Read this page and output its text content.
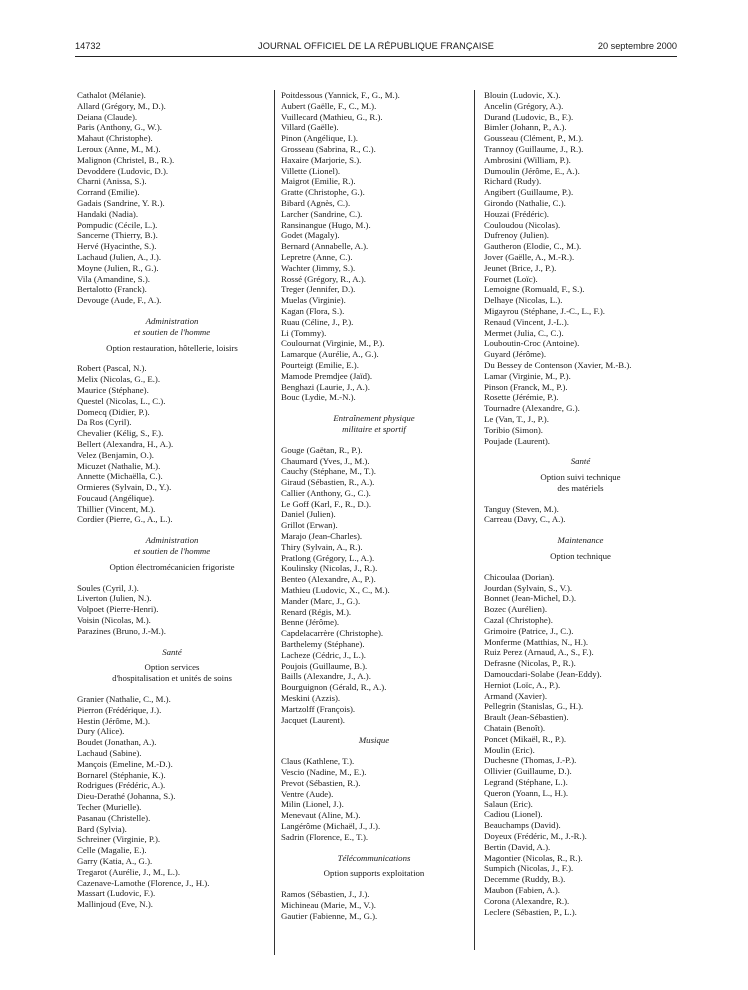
14732	JOURNAL OFFICIEL DE LA RÉPUBLIQUE FRANÇAISE	20 septembre 2000
Cathalot (Mélanie).
Allard (Grégory, M., D.).
Deiana (Claude).
Paris (Anthony, G., W.).
Mahaut (Christophe).
Leroux (Anne, M., M.).
Malignon (Christel, B., R.).
Devoddere (Ludovic, D.).
Charni (Anissa, S.).
Corrand (Emilie).
Gadais (Sandrine, Y. R.).
Handaki (Nadia).
Pompudic (Cécile, L.).
Sancerne (Thierry, B.).
Hervé (Hyacinthe, S.).
Lachaud (Julien, A., J.).
Moyne (Julien, R., G.).
Vila (Amandine, S.).
Bertalotto (Franck).
Devouge (Aude, F., A.).
Administration
et soutien de l'homme
Option restauration, hôtellerie, loisirs
Robert (Pascal, N.).
Melix (Nicolas, G., E.).
Maurice (Stéphane).
Questel (Nicolas, L., C.).
Domecq (Didier, P.).
Da Ros (Cyril).
Chevalier (Kélig, S., F.).
Bellert (Alexandra, H., A.).
Velez (Benjamin, O.).
Micuzet (Nathalie, M.).
Annette (Michaëlla, C.).
Ormieres (Sylvain, D., Y.).
Foucaud (Angélique).
Thillier (Vincent, M.).
Cordier (Pierre, G., A., L.).
Administration
et soutien de l'homme
Option électromécanicien frigoriste
Soules (Cyril, J.).
Liverton (Julien, N.).
Volpoet (Pierre-Henri).
Voisin (Nicolas, M.).
Parazines (Bruno, J.-M.).
Santé
Option services
d'hospitalisation et unités de soins
Granier (Nathalie, C., M.).
Pierron (Frédérique, J.).
Hestin (Jérôme, M.).
Dury (Alice).
Boudet (Jonathan, A.).
Lachaud (Sabine).
Mançois (Emeline, M.-D.).
Bornarel (Stéphanie, K.).
Rodrigues (Frédéric, A.).
Dieu-Derathé (Johanna, S.).
Techer (Murielle).
Pasanau (Christelle).
Bard (Sylvia).
Schreiner (Virginie, P.).
Celle (Magalie, E.).
Garry (Katia, A., G.).
Tregarot (Aurélie, J., M., L.).
Cazenave-Lamothe (Florence, J., H.).
Massart (Ludovic, F.).
Mallinjoud (Eve, N.).
Poitdessous (Yannick, F., G., M.).
Aubert (Gaëlle, F., C., M.).
Vuillecard (Mathieu, G., R.).
Villard (Gaëlle).
Pinon (Angélique, I.).
Grosseau (Sabrina, R., C.).
Haxaire (Marjorie, S.).
Villette (Lionel).
Maigrot (Emilie, R.).
Gratte (Christophe, G.).
Bibard (Agnès, C.).
Larcher (Sandrine, C.).
Ransinangue (Hugo, M.).
Godet (Magaly).
Bernard (Annabelle, A.).
Lepretre (Anne, C.).
Wachter (Jimmy, S.).
Rossé (Grégory, R., A.).
Treger (Jennifer, D.).
Muelas (Virginie).
Kagan (Flora, S.).
Ruau (Céline, J., P.).
Li (Tommy).
Coulournat (Virginie, M., P.).
Lamarque (Aurélie, A., G.).
Pourteigt (Emilie, E.).
Mamode Premdjee (Jaïd).
Benghazi (Laurie, J., A.).
Bouc (Lydie, M.-N.).
Entraînement physique
militaire et sportif
Gouge (Gaëtan, R., P.).
Chaumard (Yves, J., M.).
Cauchy (Stéphane, M., T.).
Giraud (Sébastien, R., A.).
Callier (Anthony, G., C.).
Le Goff (Karl, F., R., D.).
Daniel (Julien).
Grillot (Erwan).
Marajo (Jean-Charles).
Thiry (Sylvain, A., R.).
Pratlong (Grégory, L., A.).
Koulinsky (Nicolas, J., R.).
Benteo (Alexandre, A., P.).
Mathieu (Ludovic, X., C., M.).
Mander (Marc, J., G.).
Renard (Régis, M.).
Benne (Jérôme).
Capdelacarrère (Christophe).
Barthelemy (Stéphane).
Lacheze (Cédric, J., L.).
Poujois (Guillaume, B.).
Baills (Alexandre, J., A.).
Bourguignon (Gérald, R., A.).
Meskini (Azzis).
Martzolff (François).
Jacquet (Laurent).
Musique
Claus (Kathlene, T.).
Vescio (Nadine, M., E.).
Prevot (Sébastien, R.).
Ventre (Aude).
Milin (Lionel, J.).
Menevaut (Aline, M.).
Langérôme (Michaël, J., J.).
Sadrin (Florence, E., T.).
Télécommunications
Option supports exploitation
Ramos (Sébastien, J., J.).
Michineau (Marie, M., V.).
Gautier (Fabienne, M., G.).
Blouin (Ludovic, X.).
Ancelin (Grégory, A.).
Durand (Ludovic, B., F.).
Bimler (Johann, P., A.).
Gousseau (Clément, P., M.).
Trannoy (Guillaume, J., R.).
Ambrosini (William, P.).
Dumoulin (Jérôme, E., A.).
Richard (Rudy).
Angibert (Guillaume, P.).
Girondo (Nathalie, C.).
Houzai (Frédéric).
Couloudou (Nicolas).
Dufrenoy (Julien).
Gautheron (Elodie, C., M.).
Jover (Gaëlle, A., M.-R.).
Jeunet (Brice, J., P.).
Fournet (Loïc).
Lemoigne (Romuald, F., S.).
Delhaye (Nicolas, L.).
Migayrou (Stéphane, J.-C., L., F.).
Renaud (Vincent, J.-L.).
Mermet (Julia, C., C.).
Louboutin-Croc (Antoine).
Guyard (Jérôme).
Du Bessey de Contenson (Xavier, M.-B.).
Lamar (Virginie, M., P.).
Pinson (Franck, M., P.).
Rosette (Jérémie, P.).
Tournadre (Alexandre, G.).
Le (Van, T., J., P.).
Toribio (Simon).
Poujade (Laurent).
Santé
Option suivi technique
des matériels
Tanguy (Steven, M.).
Carreau (Davy, C., A.).
Maintenance
Option technique
Chicoulaa (Dorian).
Jourdan (Sylvain, S., V.).
Bonnet (Jean-Michel, D.).
Bozec (Aurélien).
Cazal (Christophe).
Grimoire (Patrice, J., C.).
Monferme (Matthias, N., H.).
Ruiz Perez (Arnaud, A., S., F.).
Defrasne (Nicolas, P., R.).
Damoucdari-Solabe (Jean-Eddy).
Herniot (Loïc, A., P.).
Armand (Xavier).
Pellegrin (Stanislas, G., H.).
Brault (Jean-Sébastien).
Chatain (Benoît).
Poncet (Mikaël, R., P.).
Moulin (Eric).
Duchesne (Thomas, J.-P.).
Ollivier (Guillaume, D.).
Legrand (Stéphane, L.).
Queron (Yoann, L., H.).
Salaun (Eric).
Cadiou (Lionel).
Beauchamps (David).
Doyeux (Frédéric, M., J.-R.).
Bertin (David, A.).
Magontier (Nicolas, R., R.).
Sumpich (Nicolas, J., F.).
Decemme (Ruddy, B.).
Maubon (Fabien, A.).
Corona (Alexandre, R.).
Leclere (Sébastien, P., L.).
